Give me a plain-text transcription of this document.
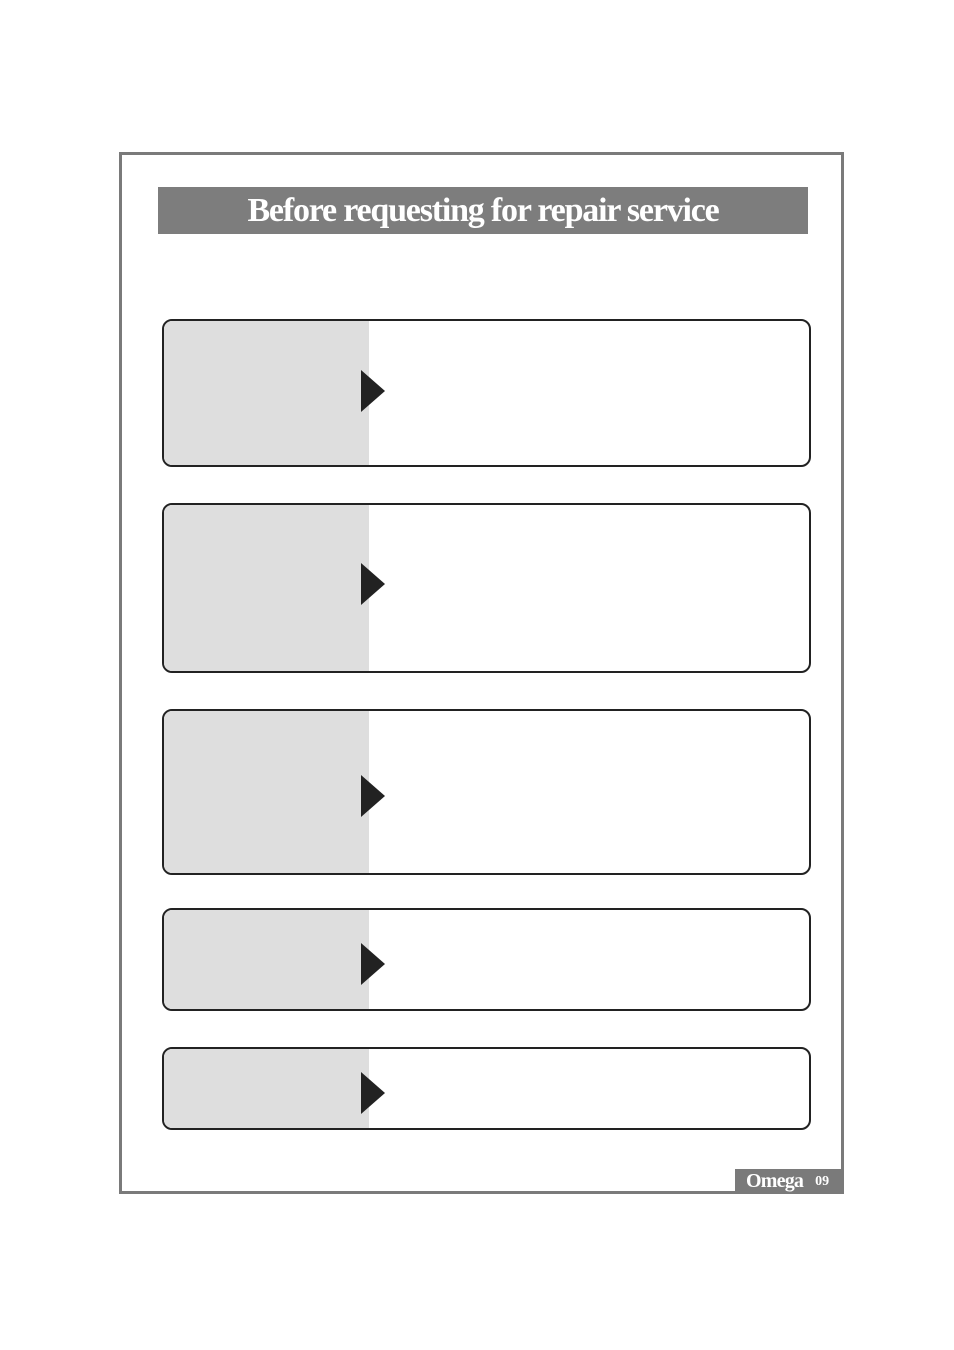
Before requesting for repair service
Omega 09
